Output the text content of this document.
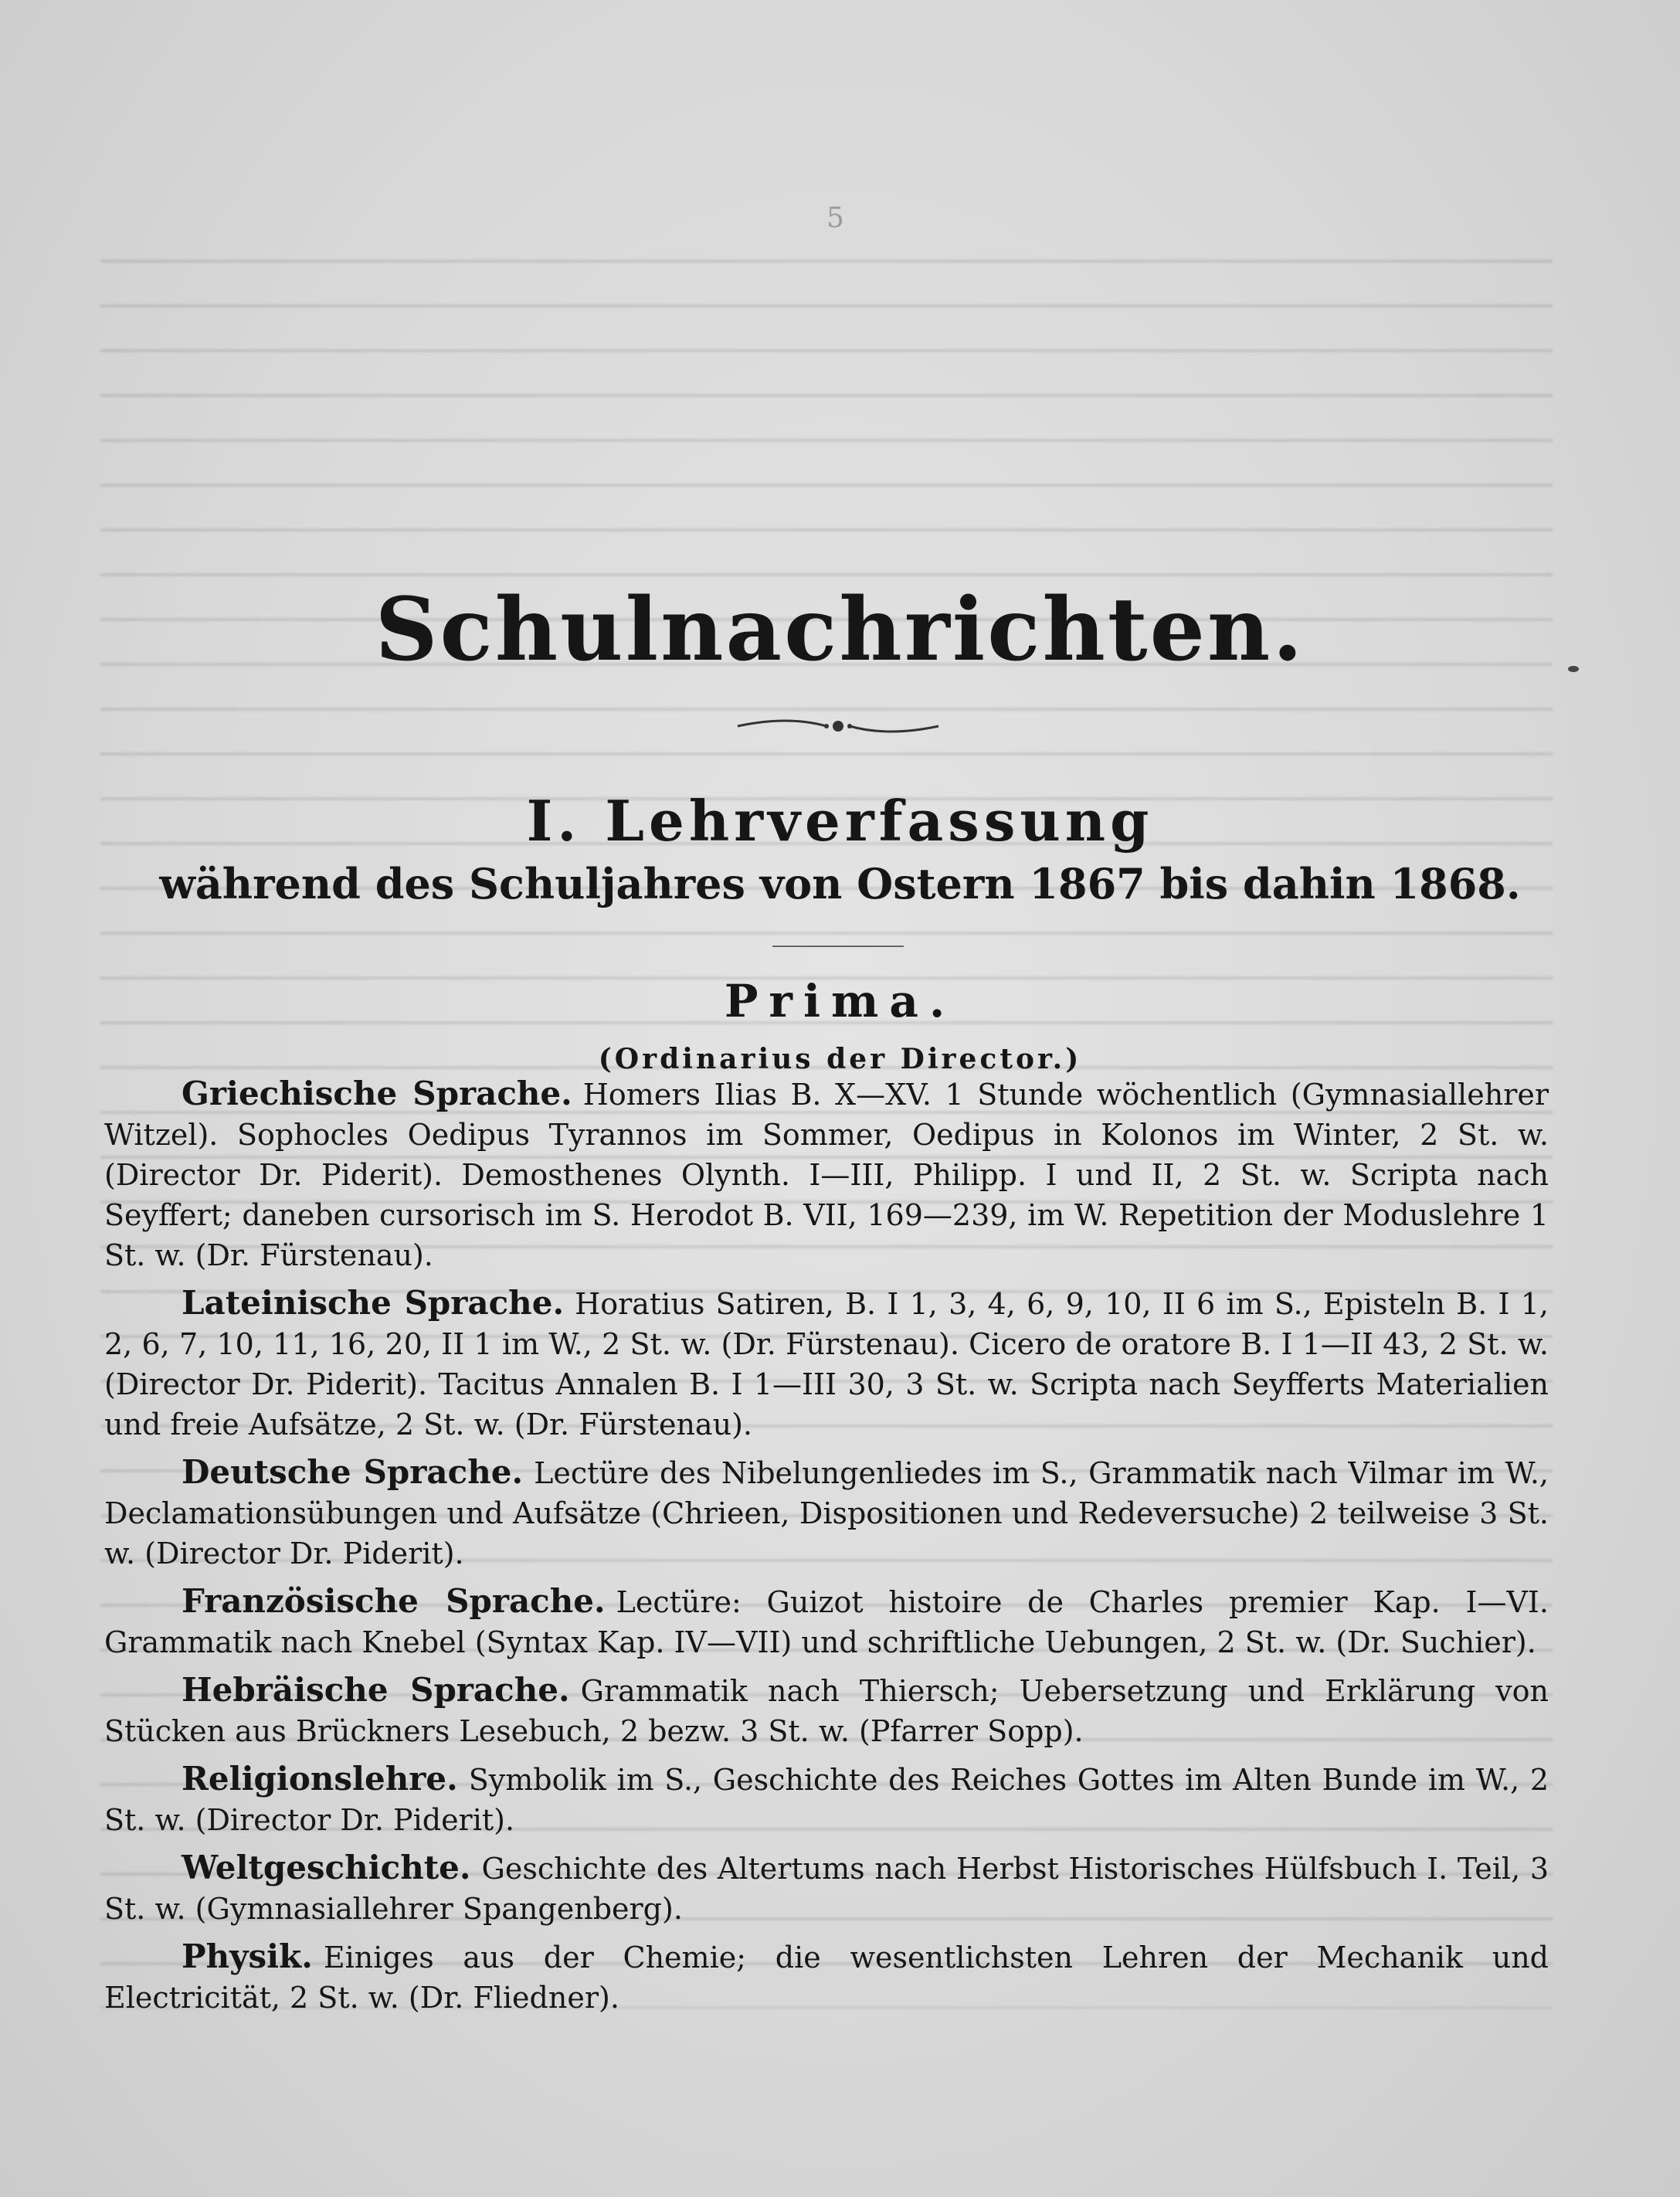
5
Schulnachrichten.
I. Lehrverfassung
während des Schuljahres von Ostern 1867 bis dahin 1868.
Prima.
(Ordinarius der Director.)

Griechische Sprache. Homers Ilias B. X—XV. 1 Stunde wöchentlich (Gymnasiallehrer Witzel). Sophocles Oedipus Tyrannos im Sommer, Oedipus in Kolonos im Winter, 2 St. w. (Director Dr. Piderit). Demosthenes Olynth. I—III, Philipp. I und II, 2 St. w. Scripta nach Seyffert; daneben cursorisch im S. Herodot B. VII, 169—239, im W. Repetition der Moduslehre 1 St. w. (Dr. Fürstenau).

Lateinische Sprache. Horatius Satiren, B. I 1, 3, 4, 6, 9, 10, II 6 im S., Episteln B. I 1, 2, 6, 7, 10, 11, 16, 20, II 1 im W., 2 St. w. (Dr. Fürstenau). Cicero de oratore B. I 1—II 43, 2 St. w. (Director Dr. Piderit). Tacitus Annalen B. I 1—III 30, 3 St. w. Scripta nach Seyfferts Materialien und freie Aufsätze, 2 St. w. (Dr. Fürstenau).

Deutsche Sprache. Lectüre des Nibelungenliedes im S., Grammatik nach Vilmar im W., Declamationsübungen und Aufsätze (Chrieen, Dispositionen und Redeversuche) 2 teilweise 3 St. w. (Director Dr. Piderit).

Französische Sprache. Lectüre: Guizot histoire de Charles premier Kap. I—VI. Grammatik nach Knebel (Syntax Kap. IV—VII) und schriftliche Uebungen, 2 St. w. (Dr. Suchier).

Hebräische Sprache. Grammatik nach Thiersch; Uebersetzung und Erklärung von Stücken aus Brückners Lesebuch, 2 bezw. 3 St. w. (Pfarrer Sopp).

Religionslehre. Symbolik im S., Geschichte des Reiches Gottes im Alten Bunde im W., 2 St. w. (Director Dr. Piderit).

Weltgeschichte. Geschichte des Altertums nach Herbst Historisches Hülfsbuch I. Teil, 3 St. w. (Gymnasiallehrer Spangenberg).

Physik. Einiges aus der Chemie; die wesentlichsten Lehren der Mechanik und Electricität, 2 St. w. (Dr. Fliedner).
